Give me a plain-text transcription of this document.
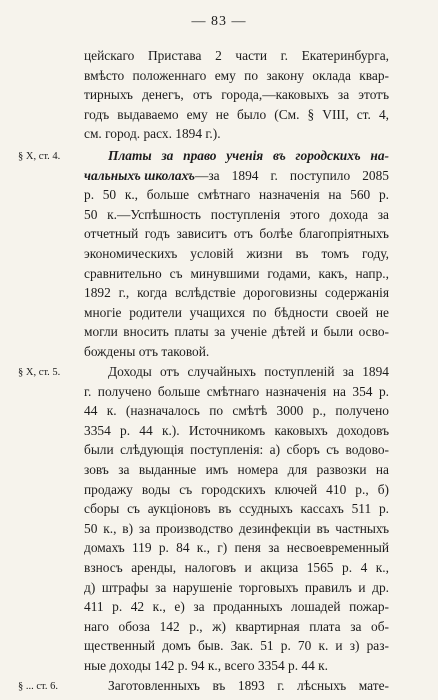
— 83 —
цейскаго Пристава 2 части г. Екатеринбурга,
вмѣсто положеннаго ему по закону оклада квар-
тирныхъ денегъ, отъ города,—каковыхъ за этотъ
годъ выдаваемо ему не было (См. § VIII, ст. 4,
см. город. расх. 1894 г.).
§ X, ст. 4.	Платы за право ученія въ городскихъ на-
чальныхъ школахъ —за 1894 г. поступило 2085
р. 50 к., больше смѣтнаго назначенія на 560 р.
50 к.—Успѣшность поступленія этого дохода за
отчетный годъ зависитъ отъ болѣе благопріятныхъ
экономическихъ условій жизни въ томъ году,
сравнительно съ минувшими годами, какъ, напр.,
1892 г., когда вслѣдствіе дороговизны содержанія
многіе родители учащихся по бѣдности своей не
могли вносить платы за ученіе дѣтей и были осво-
бождены отъ таковой.
§ X, ст. 5.	Доходы отъ случайныхъ поступленій за 1894
г. получено больше смѣтнаго назначенія на 354 р.
44 к. (назначалось по смѣтѣ 3000 р., получено
3354 р. 44 к.). Источникомъ каковыхъ доходовъ
были слѣдующія поступленія: а) сборъ съ водово-
зовъ за выданные имъ номера для развозки на
продажу воды съ городскихъ ключей 410 р., б)
сборы съ аукціоновъ въ ссудныхъ кассахъ 511 р.
50 к., в) за производство дезинфекціи въ частныхъ
домахъ 119 р. 84 к., г) пеня за несвоевременный
взносъ аренды, налоговъ и акциза 1565 р. 4 к.,
д) штрафы за нарушеніе торговыхъ правилъ и др.
411 р. 42 к., е) за проданныхъ лошадей пожар-
наго обоза 142 р., ж) квартирная плата за об-
щественный домъ быв. Зак. 51 р. 70 к. и з) раз-
ные доходы 142 р. 94 к., всего 3354 р. 44 к.
§ ... ст. 6.	Заготовленныхъ въ 1893 г. лѣсныхъ мате-
